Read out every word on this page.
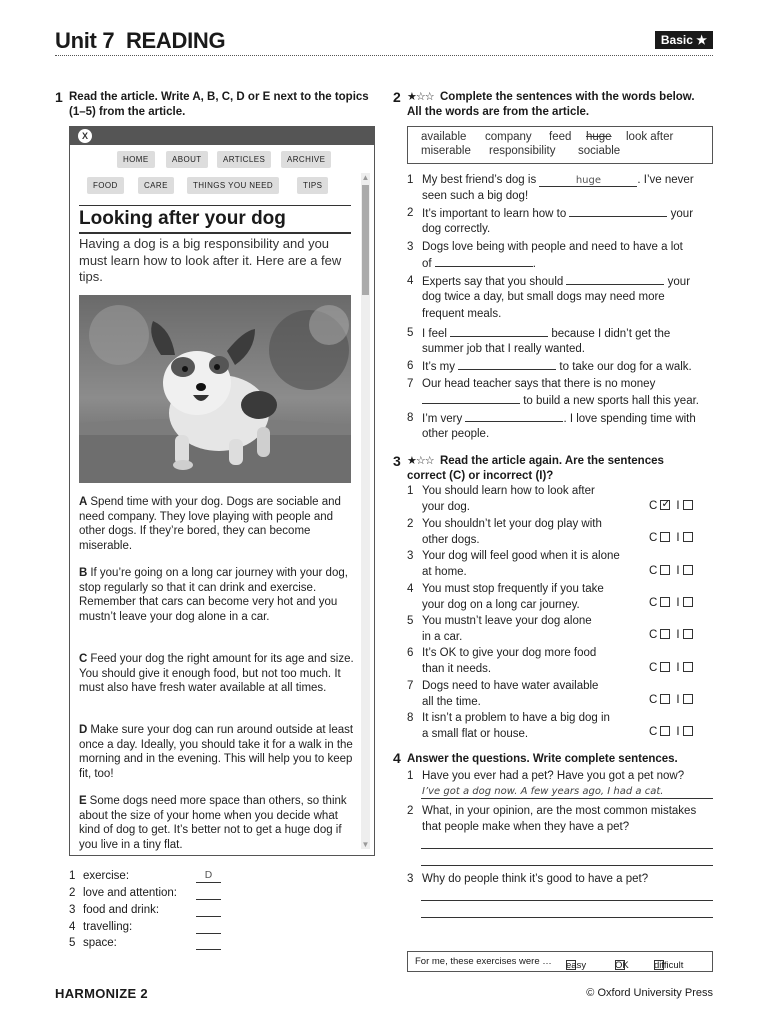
Unit 7 READING	Basic ★
1 Read the article. Write A, B, C, D or E next to the topics
(1–5) from the article.
X
HOME	ABOUT	ARTICLES	ARCHIVE
FOOD	CARE	THINGS YOU NEED	TIPS
▲
▼
Looking after your dog
Having a dog is a big responsibility and you must learn how to look after it. Here are a few tips.
A Spend time with your dog. Dogs are sociable and need company. They love playing with people and other dogs. If they’re bored, they can become miserable.
B If you’re going on a long car journey with your dog, stop regularly so that it can drink and exercise. Remember that cars can become very hot and you mustn’t leave your dog alone in a car.
C Feed your dog the right amount for its age and size. You should give it enough food, but not too much. It must also have fresh water available at all times.
D Make sure your dog can run around outside at least once a day. Ideally, you should take it for a walk in the morning and in the evening. This will help you to keep fit, too!
E Some dogs need more space than others, so think about the size of your home when you decide what kind of dog to get. It’s better not to get a huge dog if you live in a tiny flat.
1 exercise:	D
2 love and attention:
3 food and drink:
4 travelling:
5 space:
2 ★☆☆ Complete the sentences with the words below.
All the words are from the article.
available company feed huge look after
miserable responsibility sociable
1 My best friend’s dog is	huge	. I’ve never
seen such a big dog!
2 It’s important to learn how to	your
dog correctly.
3 Dogs love being with people and need to have a lot
of	.
4 Experts say that you should	your
dog twice a day, but small dogs may need more
frequent meals.
5 I feel	because I didn’t get the
summer job that I really wanted.
6 It’s my	to take our dog for a walk.
7 Our head teacher says that there is no money
to build a new sports hall this year.
8 I’m very	. I love spending time with
other people.
3 ★☆☆ Read the article again. Are the sentences
correct (C) or incorrect (I)?
1 You should learn how to look after
your dog.	C✓ I
2 You shouldn’t let your dog play with
other dogs.	C I
3 Your dog will feel good when it is alone
at home.	C I
4 You must stop frequently if you take
your dog on a long car journey.	C I
5 You mustn’t leave your dog alone
in a car.	C I
6 It’s OK to give your dog more food
than it needs.	C I
7 Dogs need to have water available
all the time.	C I
8 It isn’t a problem to have a big dog in
a small flat or house.	C I
4 Answer the questions. Write complete sentences.
1 Have you ever had a pet? Have you got a pet now?
I’ve got a dog now. A few years ago, I had a cat.
2 What, in your opinion, are the most common mistakes
that people make when they have a pet?
3 Why do people think it’s good to have a pet?
For me, these exercises were … easy	OK	difficult
HARMONIZE 2	© Oxford University Press
